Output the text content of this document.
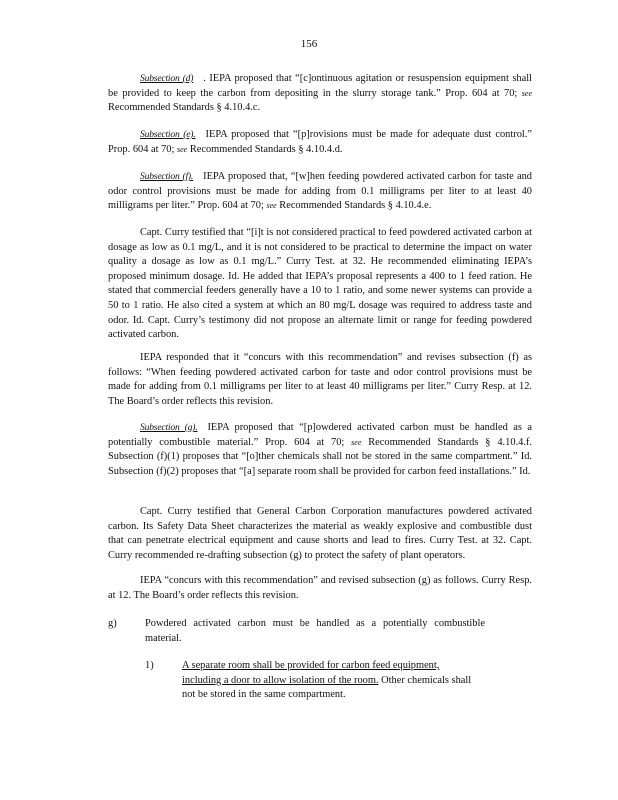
156

Subsection (d) . IEPA proposed that “[c]ontinuous agitation or resuspension equipment shall be provided to keep the carbon from depositing in the slurry storage tank.” Prop. 604 at 70; see Recommended Standards § 4.10.4.c.

Subsection (e). IEPA proposed that “[p]rovisions must be made for adequate dust control.” Prop. 604 at 70; see Recommended Standards § 4.10.4.d.

Subsection (f). IEPA proposed that, “[w]hen feeding powdered activated carbon for taste and odor control provisions must be made for adding from 0.1 milligrams per liter to at least 40 milligrams per liter.” Prop. 604 at 70; see Recommended Standards § 4.10.4.e.

Capt. Curry testified that “[i]t is not considered practical to feed powdered activated carbon at dosage as low as 0.1 mg/L, and it is not considered to be practical to determine the impact on water quality a dosage as low as 0.1 mg/L.” Curry Test. at 32. He recommended eliminating IEPA’s proposed minimum dosage. Id. He added that IEPA’s proposal represents a 400 to 1 feed ration. He stated that commercial feeders generally have a 10 to 1 ratio, and some newer systems can provide a 50 to 1 ratio. He also cited a system at which an 80 mg/L dosage was required to address taste and odor. Id. Capt. Curry’s testimony did not propose an alternate limit or range for feeding powdered activated carbon.

IEPA responded that it “concurs with this recommendation” and revises subsection (f) as follows: “When feeding powdered activated carbon for taste and odor control provisions must be made for adding from 0.1 milligrams per liter to at least 40 milligrams per liter.” Curry Resp. at 12. The Board’s order reflects this revision.

Subsection (g). IEPA proposed that “[p]owdered activated carbon must be handled as a potentially combustible material.” Prop. 604 at 70; see Recommended Standards § 4.10.4.f. Subsection (f)(1) proposes that “[o]ther chemicals shall not be stored in the same compartment.” Id. Subsection (f)(2) proposes that “[a] separate room shall be provided for carbon feed installations.” Id.

Capt. Curry testified that General Carbon Corporation manufactures powdered activated carbon. Its Safety Data Sheet characterizes the material as weakly explosive and combustible dust that can penetrate electrical equipment and cause shorts and lead to fires. Curry Test. at 32. Capt. Curry recommended re-drafting subsection (g) to protect the safety of plant operators.

IEPA “concurs with this recommendation” and revised subsection (g) as follows. Curry Resp. at 12. The Board’s order reflects this revision.

g)	Powdered activated carbon must be handled as a potentially combustible material.

1)	A separate room shall be provided for carbon feed equipment, including a door to allow isolation of the room. Other chemicals shall not be stored in the same compartment.
